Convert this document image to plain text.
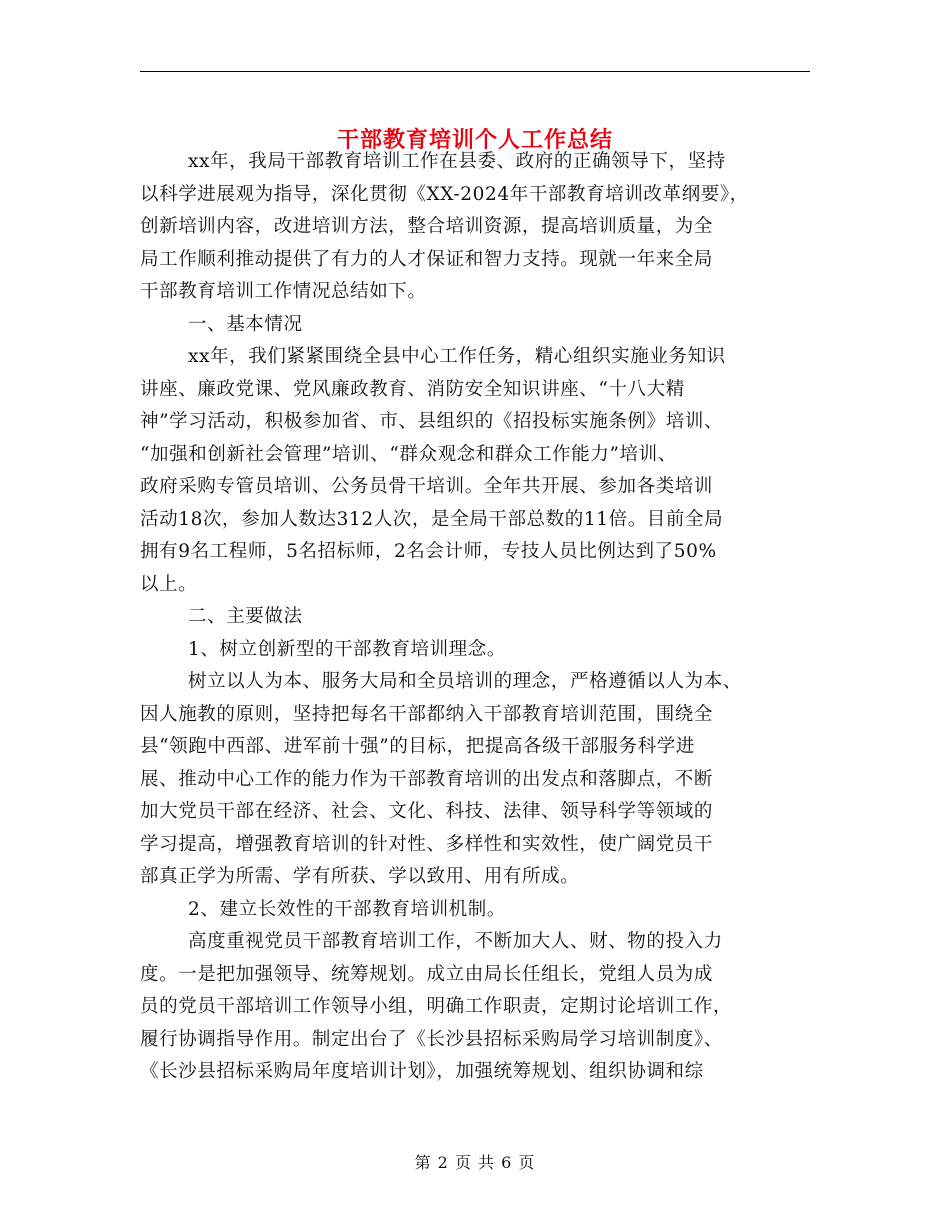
干部教育培训个人工作总结

xx年，我局干部教育培训工作在县委、政府的正确领导下，坚持

以科学进展观为指导，深化贯彻《XX-2024年干部教育培训改革纲要》，

创新培训内容，改进培训方法，整合培训资源，提高培训质量，为全

局工作顺利推动提供了有力的人才保证和智力支持。现就一年来全局

干部教育培训工作情况总结如下。

一、基本情况

xx年，我们紧紧围绕全县中心工作任务，精心组织实施业务知识

讲座、廉政党课、党风廉政教育、消防安全知识讲座、“十八大精

神”学习活动，积极参加省、市、县组织的《招投标实施条例》培训、

“加强和创新社会管理”培训、“群众观念和群众工作能力”培训、

政府采购专管员培训、公务员骨干培训。全年共开展、参加各类培训

活动18次，参加人数达312人次，是全局干部总数的11倍。目前全局

拥有9名工程师，5名招标师，2名会计师，专技人员比例达到了50%

以上。

二、主要做法

1、树立创新型的干部教育培训理念。

树立以人为本、服务大局和全员培训的理念，严格遵循以人为本、

因人施教的原则，坚持把每名干部都纳入干部教育培训范围，围绕全

县“领跑中西部、进军前十强”的目标，把提高各级干部服务科学进

展、推动中心工作的能力作为干部教育培训的出发点和落脚点，不断

加大党员干部在经济、社会、文化、科技、法律、领导科学等领域的

学习提高，增强教育培训的针对性、多样性和实效性，使广阔党员干

部真正学为所需、学有所获、学以致用、用有所成。

2、建立长效性的干部教育培训机制。

高度重视党员干部教育培训工作，不断加大人、财、物的投入力

度。一是把加强领导、统筹规划。成立由局长任组长，党组人员为成

员的党员干部培训工作领导小组，明确工作职责，定期讨论培训工作，

履行协调指导作用。制定出台了《长沙县招标采购局学习培训制度》、

《长沙县招标采购局年度培训计划》，加强统筹规划、组织协调和综

第 2 页 共 6 页
